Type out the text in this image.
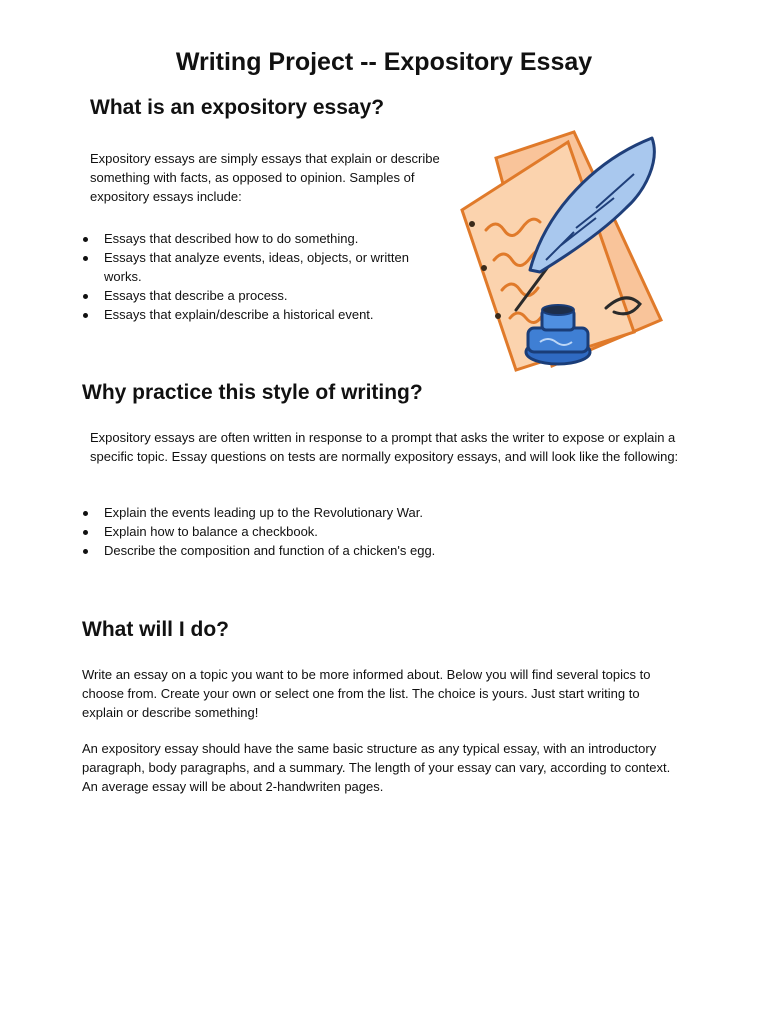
Writing Project -- Expository Essay
What is an expository essay?

Expository essays are simply essays that explain or describe something with facts, as opposed to opinion. Samples of expository essays include:

Essays that described how to do something.
Essays that analyze events, ideas, objects, or written works.
Essays that describe a process.
Essays that explain/describe a historical event.
Why practice this style of writing?

Expository essays are often written in response to a prompt that asks the writer to expose or explain a specific topic. Essay questions on tests are normally expository essays, and will look like the following:

Explain the events leading up to the Revolutionary War.
Explain how to balance a checkbook.
Describe the composition and function of a chicken's egg.
What will I do?

Write an essay on a topic you want to be more informed about. Below you will find several topics to choose from. Create your own or select one from the list. The choice is yours. Just start writing to explain or describe something!

An expository essay should have the same basic structure as any typical essay, with an introductory paragraph, body paragraphs, and a summary. The length of your essay can vary, according to context. An average essay will be about 2-handwriten pages.
